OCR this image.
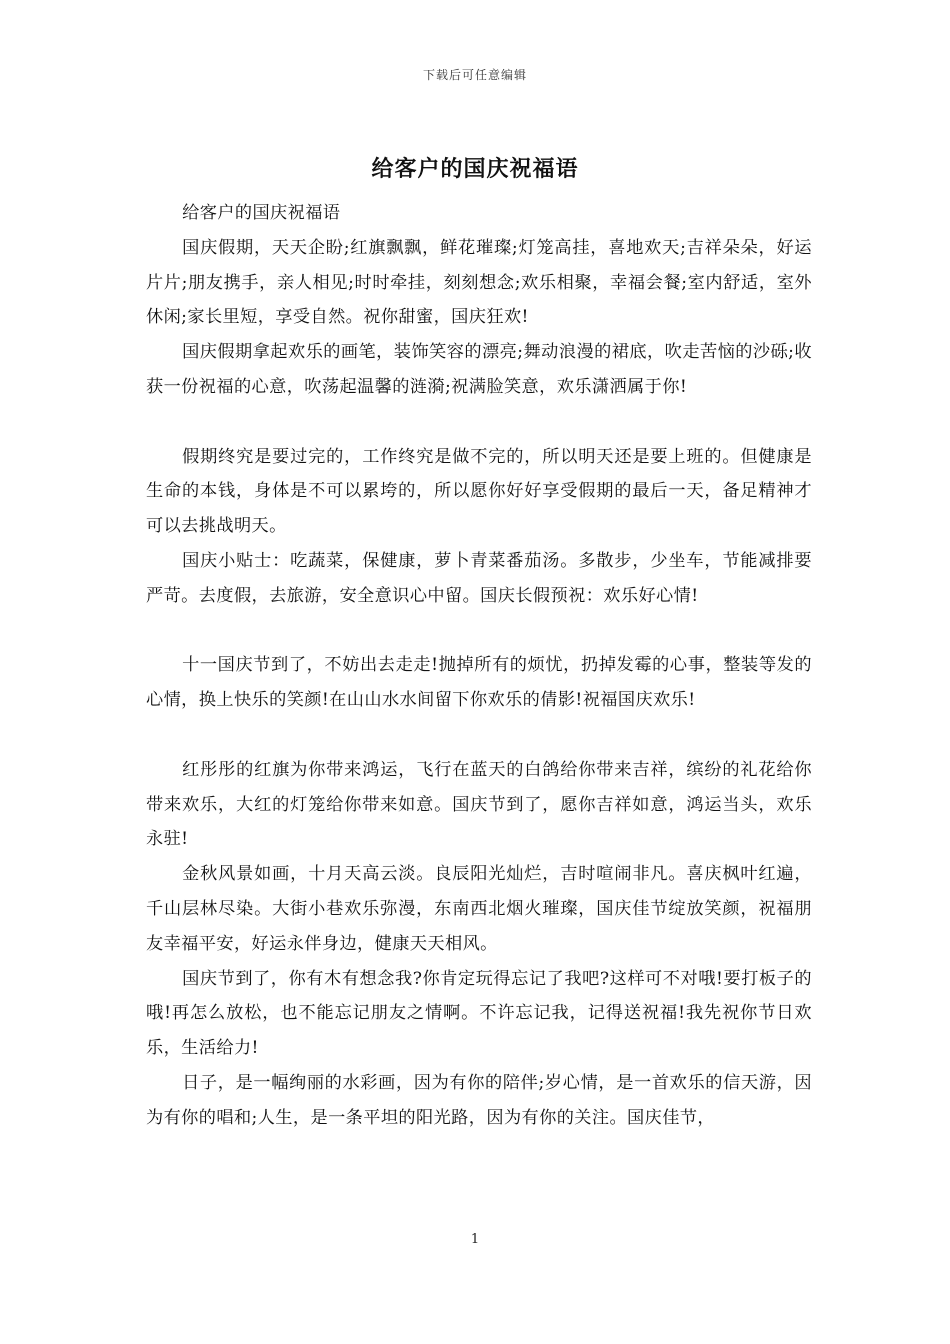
下载后可任意编辑
给客户的国庆祝福语

给客户的国庆祝福语

国庆假期，天天企盼;红旗飘飘，鲜花璀璨;灯笼高挂，喜地欢天;吉祥朵朵，好运片片;朋友携手，亲人相见;时时牵挂，刻刻想念;欢乐相聚，幸福会餐;室内舒适，室外休闲;家长里短，享受自然。祝你甜蜜，国庆狂欢!

国庆假期拿起欢乐的画笔，装饰笑容的漂亮;舞动浪漫的裙底，吹走苦恼的沙砾;收获一份祝福的心意，吹荡起温馨的涟漪;祝满脸笑意，欢乐潇洒属于你!

假期终究是要过完的，工作终究是做不完的，所以明天还是要上班的。但健康是生命的本钱，身体是不可以累垮的，所以愿你好好享受假期的最后一天，备足精神才可以去挑战明天。

国庆小贴士：吃蔬菜，保健康，萝卜青菜番茄汤。多散步，少坐车，节能减排要严苛。去度假，去旅游，安全意识心中留。国庆长假预祝：欢乐好心情!

十一国庆节到了，不妨出去走走!抛掉所有的烦忧，扔掉发霉的心事，整装等发的心情，换上快乐的笑颜!在山山水水间留下你欢乐的倩影!祝福国庆欢乐!

红彤彤的红旗为你带来鸿运，飞行在蓝天的白鸽给你带来吉祥，缤纷的礼花给你带来欢乐，大红的灯笼给你带来如意。国庆节到了，愿你吉祥如意，鸿运当头，欢乐永驻!

金秋风景如画，十月天高云淡。良辰阳光灿烂，吉时喧闹非凡。喜庆枫叶红遍，千山层林尽染。大街小巷欢乐弥漫，东南西北烟火璀璨，国庆佳节绽放笑颜，祝福朋友幸福平安，好运永伴身边，健康天天相风。

国庆节到了，你有木有想念我?你肯定玩得忘记了我吧?这样可不对哦!要打板子的哦!再怎么放松，也不能忘记朋友之情啊。不许忘记我，记得送祝福!我先祝你节日欢乐，生活给力!

日子，是一幅绚丽的水彩画，因为有你的陪伴;岁心情，是一首欢乐的信天游，因为有你的唱和;人生，是一条平坦的阳光路，因为有你的关注。国庆佳节，

1
